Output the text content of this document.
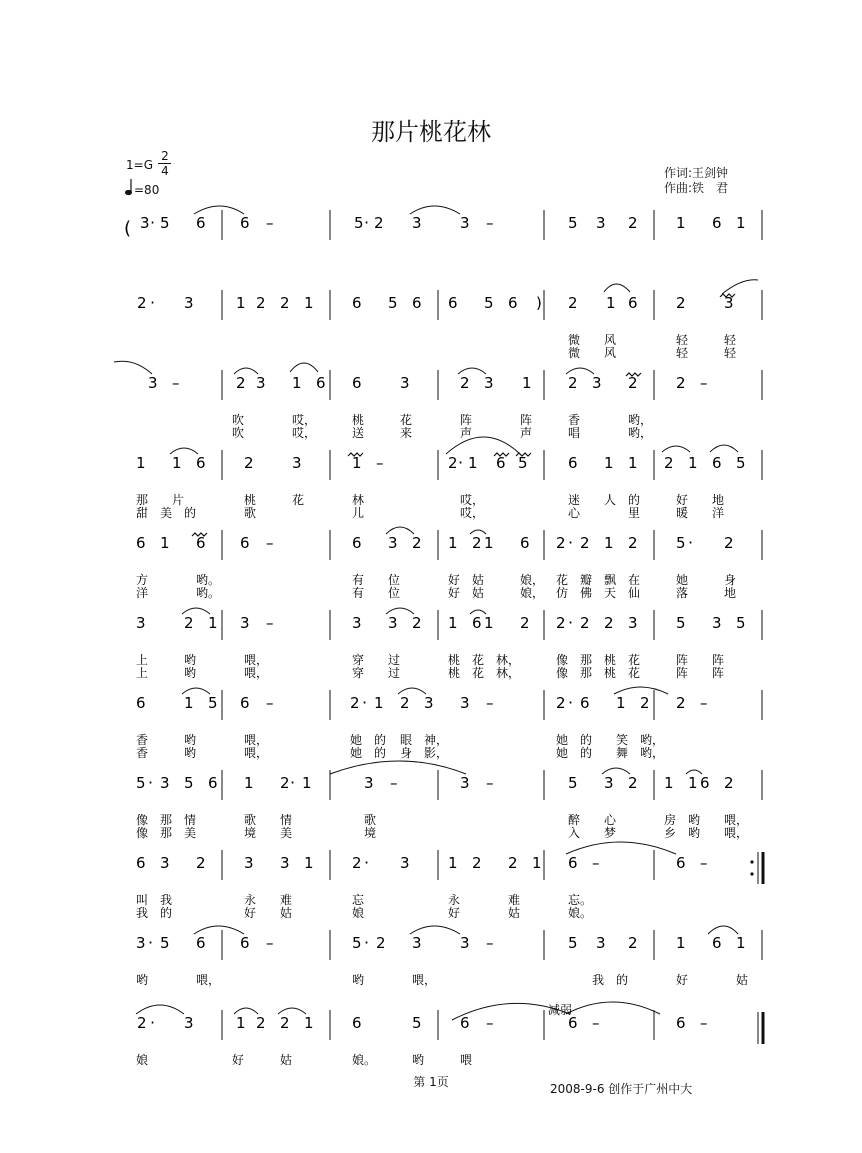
那片桃花林
1=G
2
4
=80
作词:王剑钟
作曲:铁　君
(
减弱
3 · 5 6 6 –	5 · 2 3	3 –	5 3 2	1 6 1
2 · 3	1 2 2 1	6 5 6 6 5 6 ) 2 1 6	2	3
3 –	2 3 1 6 6	3	2 3 1 2 3 2	2 –
1 1 6	2	3	1 –	2 · 1 6 5	6 1 1 2 1 6 5
6 1 6 6 –	6 3 2 1 2 1 6 2 · 2 1 2	5 · 2
3	2 1 3 –	3 3 2 1 6 1 2 2 · 2 2 3	5 3 5
6	1 5 6 –	2 · 1 2 3 3 –	2 · 6 1 2 2 –
5 · 3 5 6 1 2 · 1	3 –	3 –	5 3 2 1 1 6 2
6 3 2	3 3 1	2 · 3	1 2 2 1 6 –	6 –
3 · 5 6 6 –	5 · 2 3	3 –	5 3 2	1 6 1
2 · 3	1 2 2 1	6	5	6 –	6 –	6 –
微 风	轻	轻
微 风	轻	轻
吹	哎，	桃	花	阵	阵	香	哟，
吹	哎，	送	来	声	声	唱	哟，
那 片	桃	花	林	哎，	迷 人 的	好 地
甜 美 的	歌	儿	哎，	心	里	暖 洋
方	哟。	有 位	好 姑	娘， 花 瓣 飘 在	她	身
洋	哟。	有 位	好 姑	娘， 仿 佛 天 仙	落	地
上	哟	喂，	穿 过	桃 花 林，	像 那 桃 花	阵 阵
上	哟	喂，	穿 过	桃 花 林，	像 那 桃 花	阵 阵
香	哟	喂，	她 的 眼 神，	她 的 笑 哟，
香	哟	喂，	她 的 身 影，	她 的 舞 哟，
像 那 情	歌 情	歌	醉 心	房 哟 喂，
像 那 美	境 美	境	入 梦	乡 哟 喂，
叫 我	永 难	忘	永	难	忘。
我 的	好 姑	娘	好	姑	娘。
哟	喂，	哟	喂，	我 的	好	姑
娘	好	姑	娘。	哟	喂
第 1页	2008-9-6 创作于广州中大
